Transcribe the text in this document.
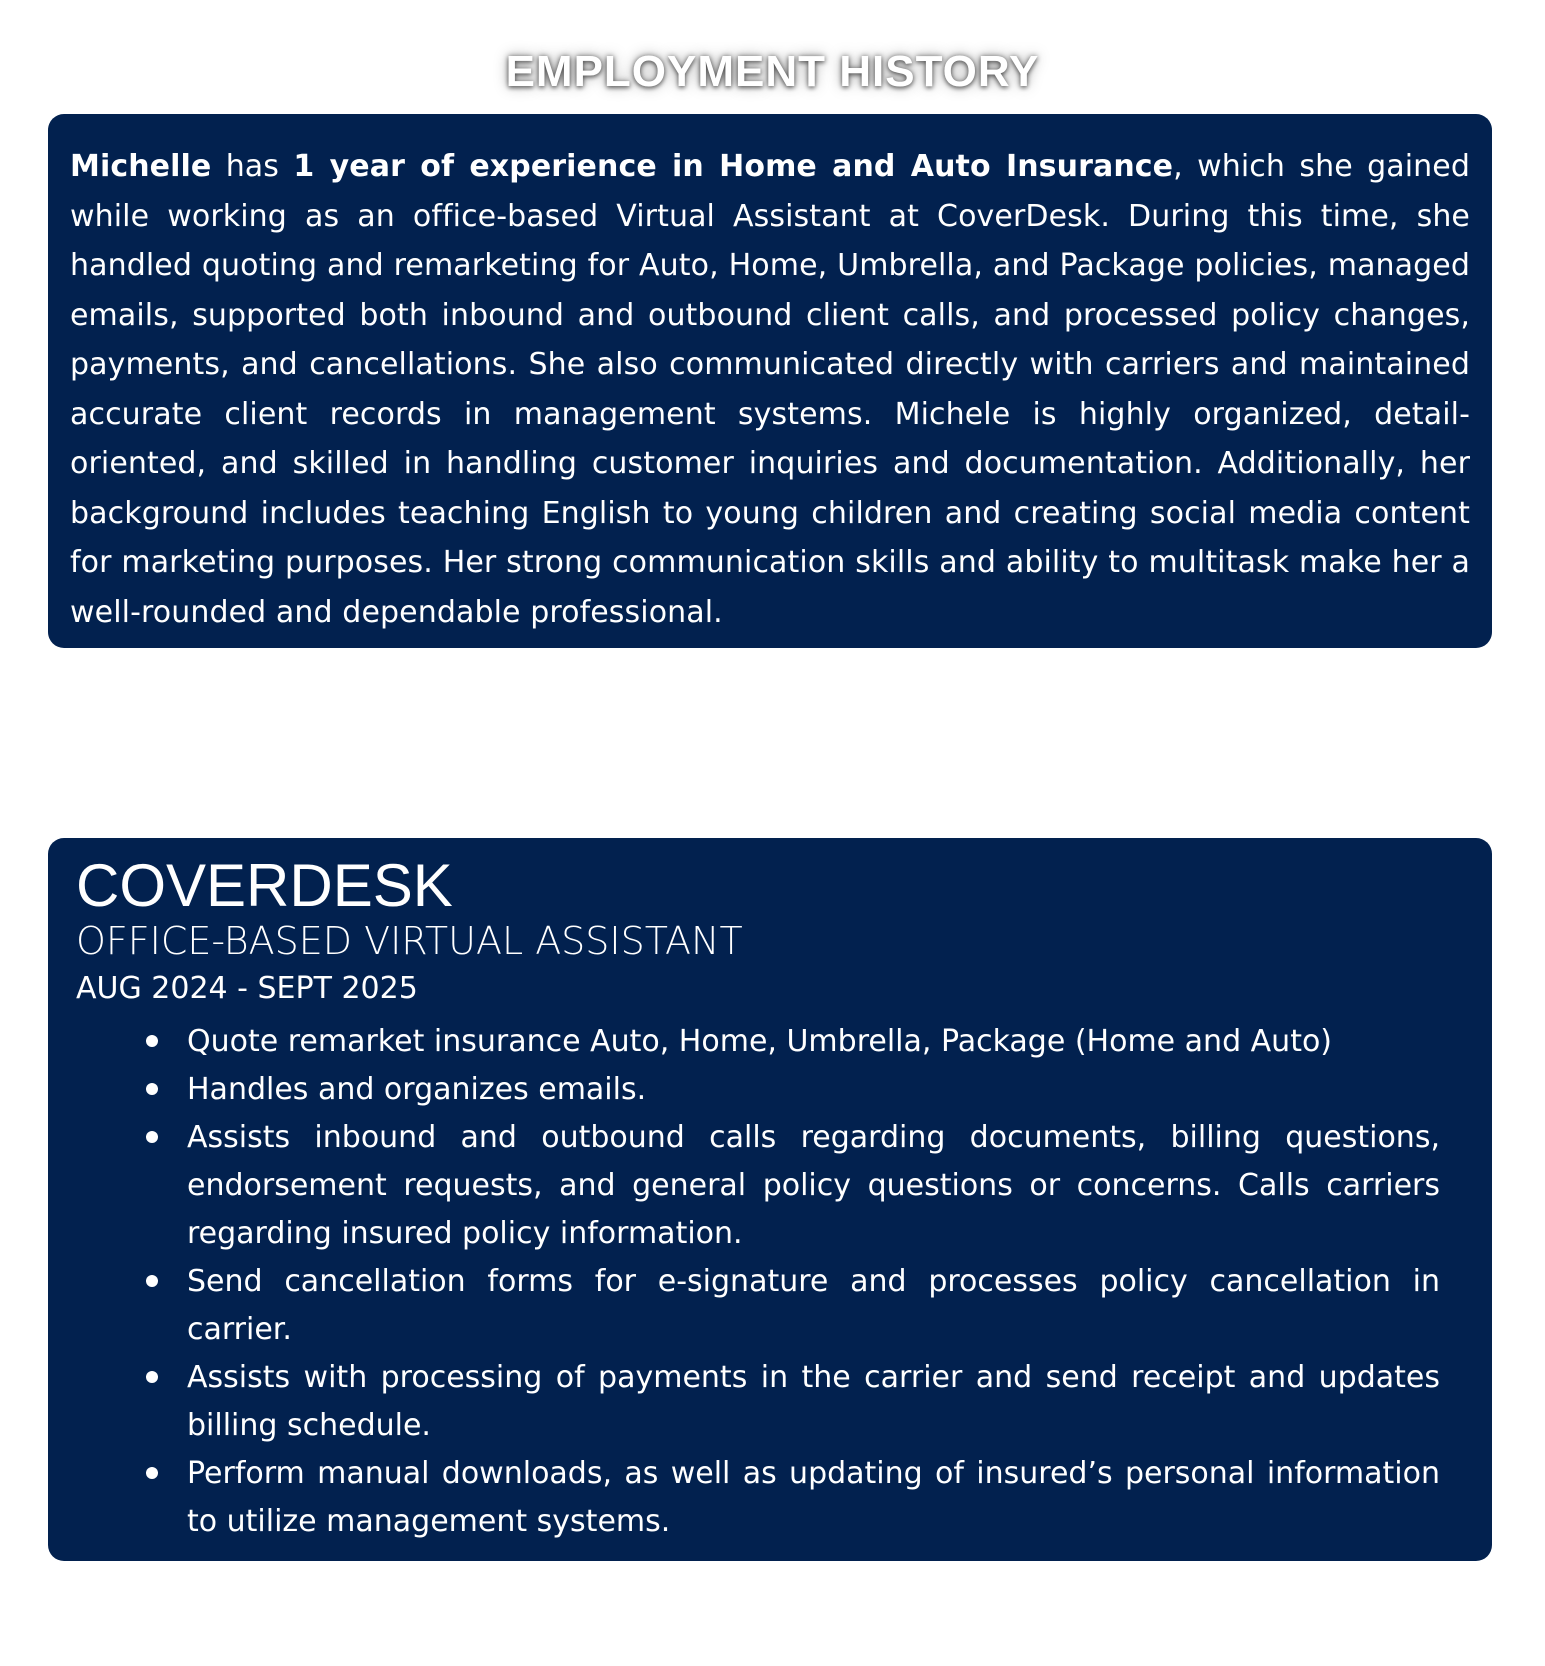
EMPLOYMENT HISTORY

Michelle has 1 year of experience in Home and Auto Insurance, which she gained while working as an office-based Virtual Assistant at CoverDesk. During this time, she handled quoting and remarketing for Auto, Home, Umbrella, and Package policies, managed emails, supported both inbound and outbound client calls, and processed policy changes, payments, and cancellations. She also communicated directly with carriers and maintained accurate client records in management systems. Michele is highly organized, detail-oriented, and skilled in handling customer inquiries and documentation. Additionally, her background includes teaching English to young children and creating social media content for marketing purposes. Her strong communication skills and ability to multitask make her a well-rounded and dependable professional.

COVERDESK

OFFICE-BASED VIRTUAL ASSISTANT

AUG 2024 - SEPT 2025

Quote remarket insurance Auto, Home, Umbrella, Package (Home and Auto)
Handles and organizes emails.
Assists inbound and outbound calls regarding documents, billing questions, endorsement requests, and general policy questions or concerns. Calls carriers regarding insured policy information.
Send cancellation forms for e-signature and processes policy cancellation in carrier.
Assists with processing of payments in the carrier and send receipt and updates billing schedule.
Perform manual downloads, as well as updating of insured’s personal information to utilize management systems.
